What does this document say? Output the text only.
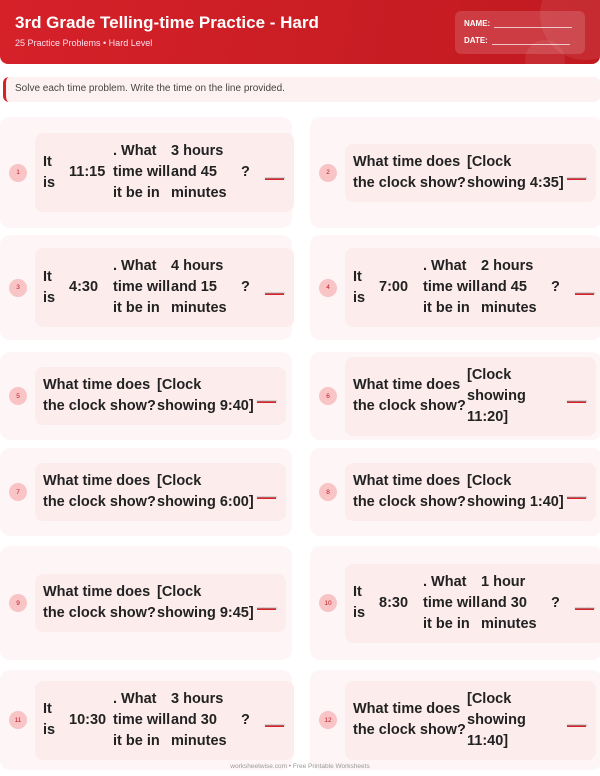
3rd Grade Telling-time Practice - Hard
25 Practice Problems • Hard Level
NAME:
DATE:
Solve each time problem. Write the time on the line provided.
1
It is
11:15
. What time will it be in
3 hours and 45 minutes
?	___	2
What time does the clock show?
[Clock showing 4:35]
___
3
It is
4:30
. What time will it be in
4 hours and 15 minutes
?	___	4
It is
7:00
. What time will it be in
2 hours and 45 minutes
?	___
5
What time does the clock show?
[Clock showing 9:40]
___	6
What time does the clock show?
[Clock showing 11:20]
___
7
What time does the clock show?
[Clock showing 6:00]
___	8
What time does the clock show?
[Clock showing 1:40]
___
9
What time does the clock show?
[Clock showing 9:45]
___	10
It is
8:30
. What time will it be in
1 hour and 30 minutes
?	___
11
It is
10:30
. What time will it be in
3 hours and 30 minutes
?	___	12
What time does the clock show?
[Clock showing 11:40]
___
worksheetwise.com • Free Printable Worksheets
